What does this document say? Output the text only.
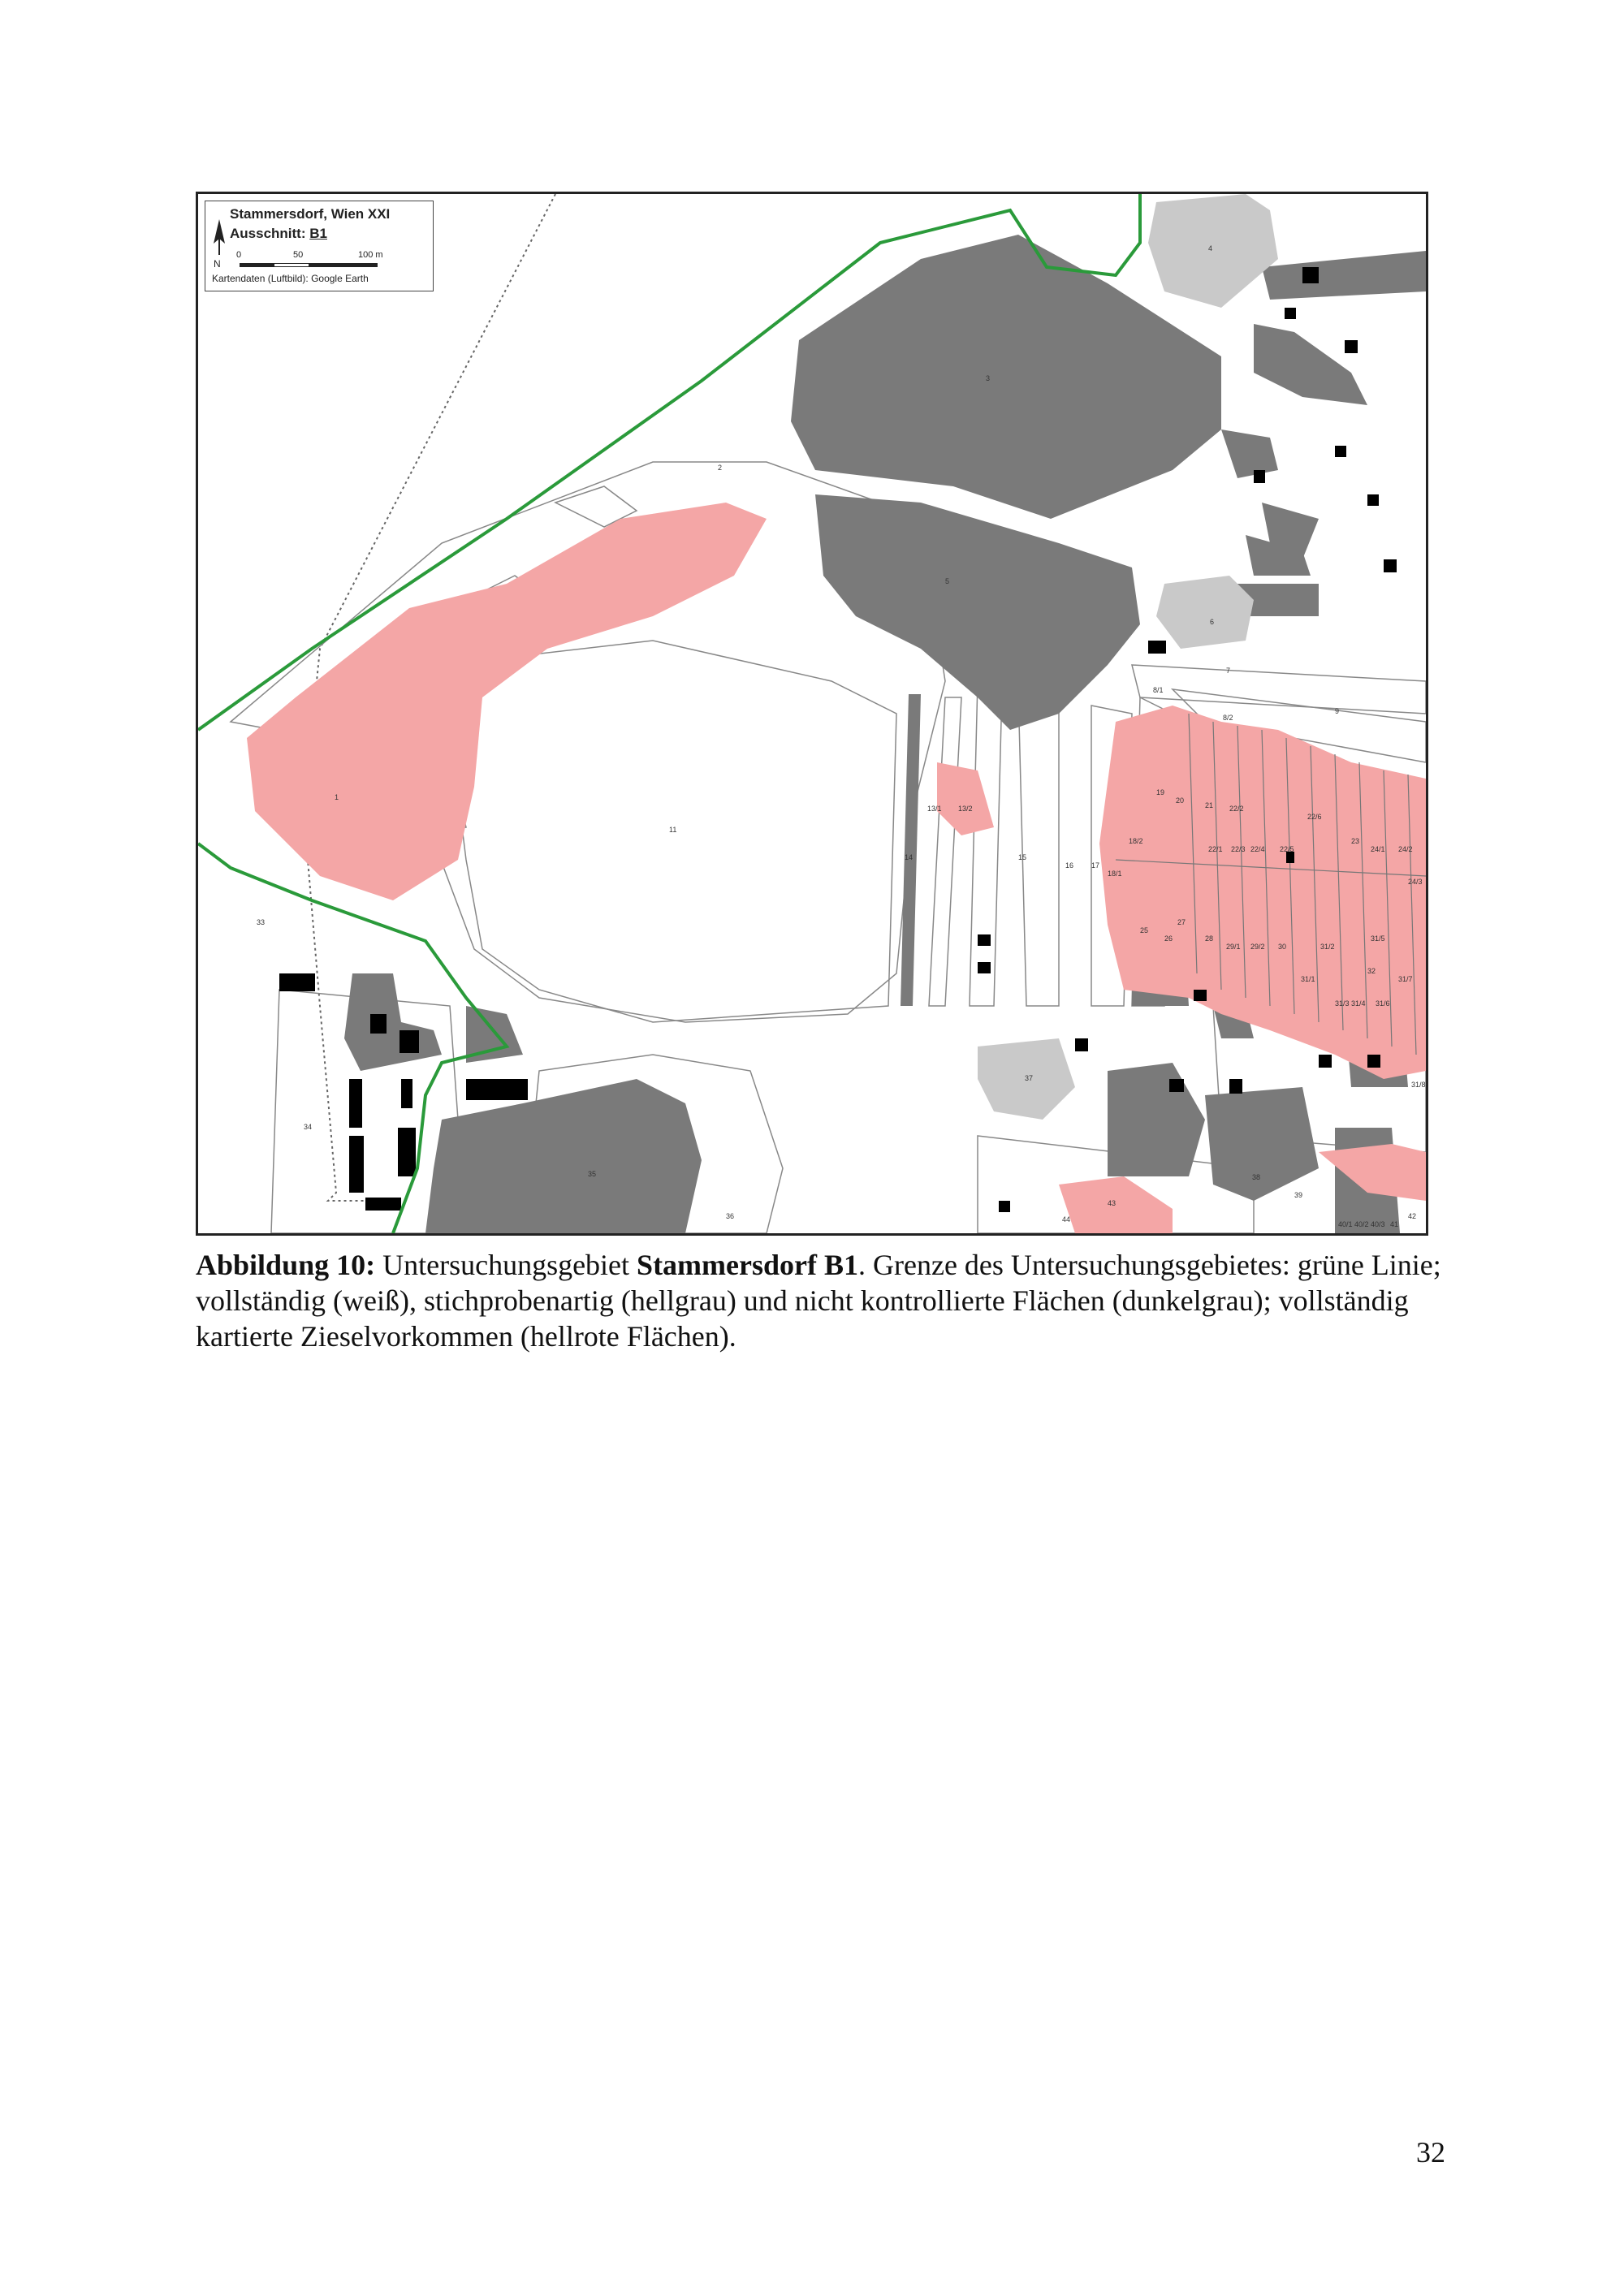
1
2
3
4
5
6
7
8/1
8/2
9
11
13/1 13/2
14	15
16 17
18/1
18/2
19
20
21
22/1
22/2
22/3 22/4 22/5
22/6
23
24/1 24/2
24/3
25
26
27
28
29/1 29/2 30
31/1
31/2
31/3 31/4
31/5
31/6
31/7
31/8
32
33
34
35
36
37
38
39
40/1 40/2 40/3 41
42
43
44
N
Stammersdorf, Wien XXI
Ausschnitt: B1
0	50	100 m
Kartendaten (Luftbild): Google Earth
Abbildung 10: Untersuchungsgebiet Stammersdorf B1. Grenze des Untersuchungsgebietes: grüne Linie; vollständig (weiß), stichprobenartig (hellgrau) und nicht kontrollierte Flächen (dunkelgrau); vollständig kartierte Zieselvorkommen (hellrote Flächen).
32
